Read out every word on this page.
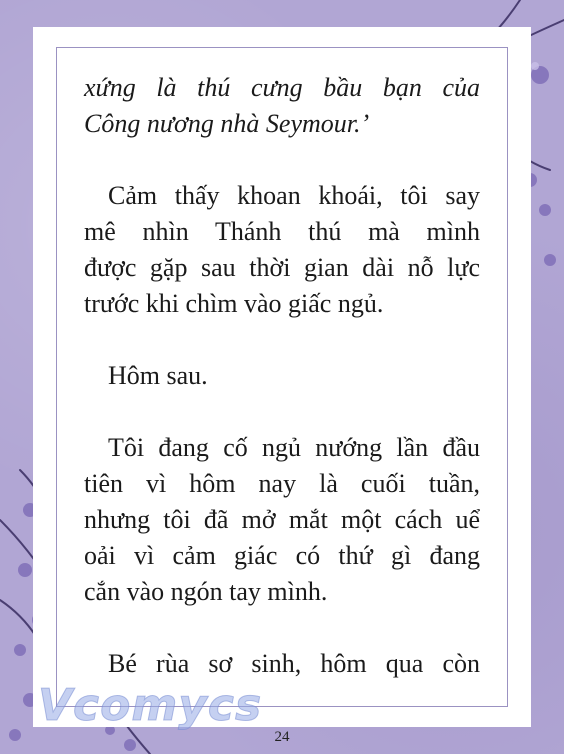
xứng là thú cưng bầu bạn của

Công nương nhà Seymour.’

Cảm thấy khoan khoái, tôi say

mê nhìn Thánh thú mà mình

được gặp sau thời gian dài nỗ lực

trước khi chìm vào giấc ngủ.

Hôm sau.

Tôi đang cố ngủ nướng lần đầu

tiên vì hôm nay là cuối tuần,

nhưng tôi đã mở mắt một cách uể

oải vì cảm giác có thứ gì đang

cắn vào ngón tay mình.

Bé rùa sơ sinh, hôm qua còn

Vcomycs
24
